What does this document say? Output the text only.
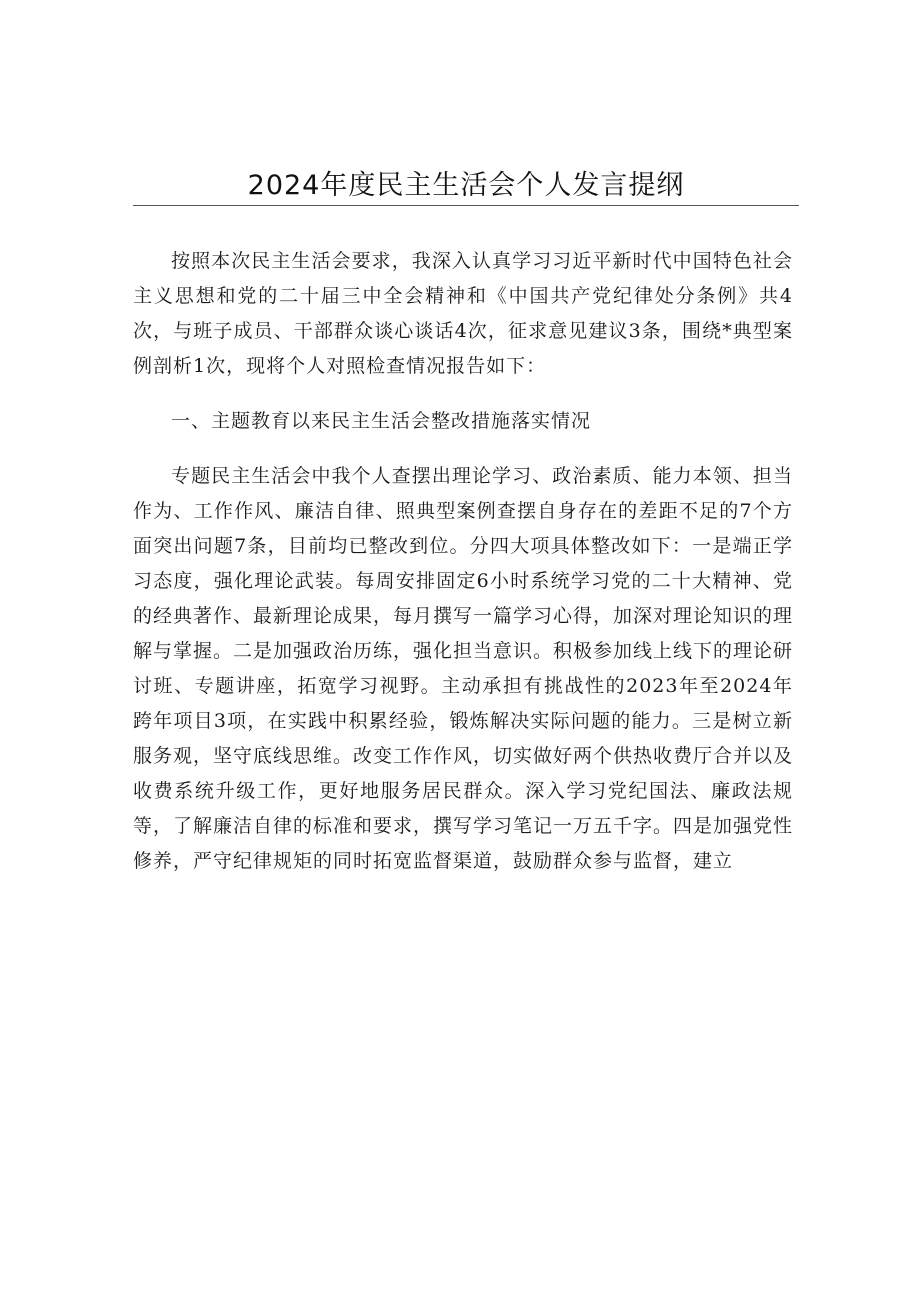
2024年度民主生活会个人发言提纲

按照本次民主生活会要求，我深入认真学习习近平新时代中国特色社会主义思想和党的二十届三中全会精神和《中国共产党纪律处分条例》共4次，与班子成员、干部群众谈心谈话4次，征求意见建议3条，围绕*典型案例剖析1次，现将个人对照检查情况报告如下：

一、主题教育以来民主生活会整改措施落实情况

专题民主生活会中我个人查摆出理论学习、政治素质、能力本领、担当作为、工作作风、廉洁自律、照典型案例查摆自身存在的差距不足的7个方面突出问题7条，目前均已整改到位。分四大项具体整改如下：一是端正学习态度，强化理论武装。每周安排固定6小时系统学习党的二十大精神、党的经典著作、最新理论成果，每月撰写一篇学习心得，加深对理论知识的理解与掌握。二是加强政治历练，强化担当意识。积极参加线上线下的理论研讨班、专题讲座，拓宽学习视野。主动承担有挑战性的2023年至2024年跨年项目3项，在实践中积累经验，锻炼解决实际问题的能力。三是树立新服务观，坚守底线思维。改变工作作风，切实做好两个供热收费厅合并以及收费系统升级工作，更好地服务居民群众。深入学习党纪国法、廉政法规等，了解廉洁自律的标准和要求，撰写学习笔记一万五千字。四是加强党性修养，严守纪律规矩的同时拓宽监督渠道，鼓励群众参与监督，建立
